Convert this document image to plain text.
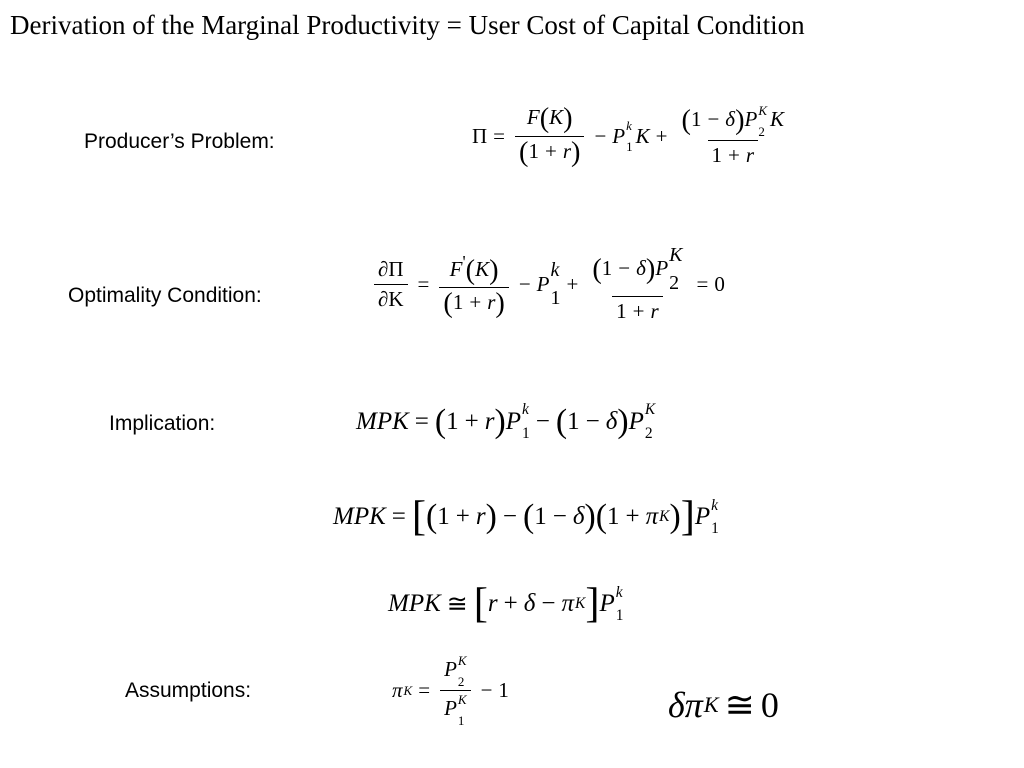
Derivation of the Marginal Productivity = User Cost of Capital Condition
Producer’s Problem:	$\Pi = \frac{F(K)}{(1 + r)} - P$ k
1 K + (1 − δ)P K
2
K
1 + r
Optimality Condition:	$\frac{\partial\Pi}{\partial K} = \frac{F'(K)}{(1 + r)} - P$
k
1
+ (1 − δ)P
K
2
1 + r = 0
Implication:	MPK = ( 1 + r ) P k
1 − ( 1 − δ ) P K
2
MPK = [ ( 1 + r ) − ( 1 − δ ) ( 1 + π K ) ] P k
1
MPK ≅ [ r + δ − π K ] P k
1
Assumptions:	π K = P K
2
P K
1 − 1	δπ K ≅ 0
